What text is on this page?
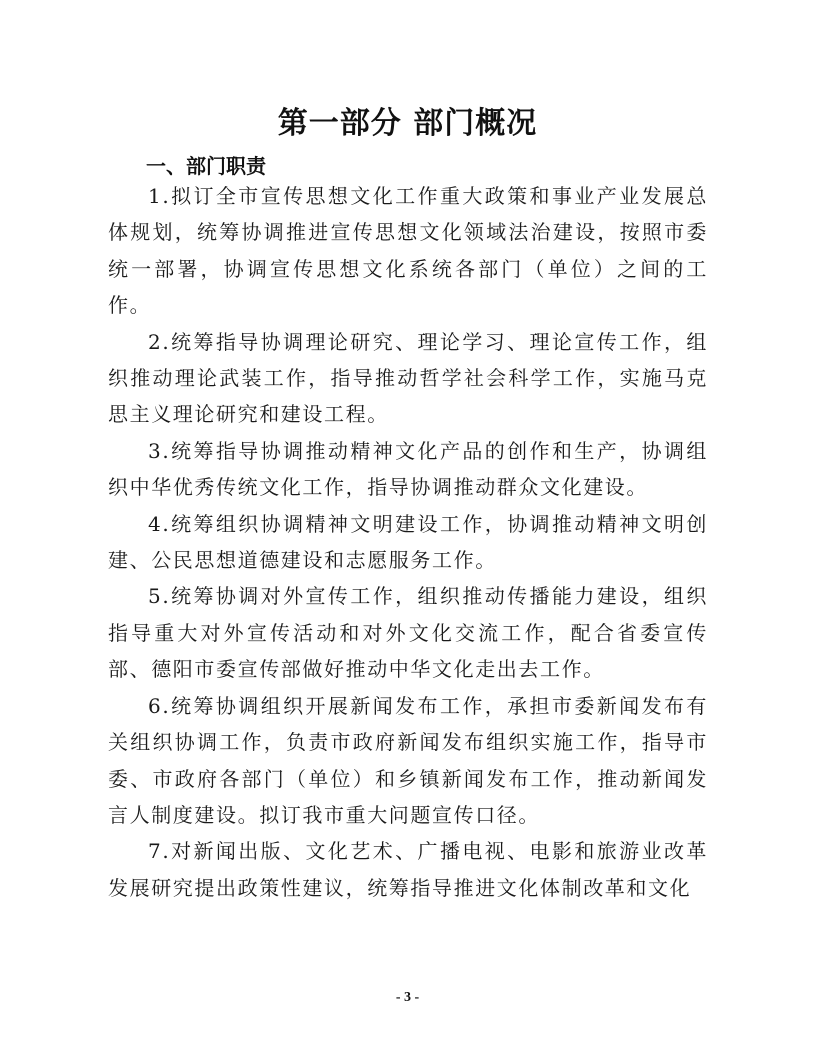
第一部分 部门概况
一、部门职责

1.拟订全市宣传思想文化工作重大政策和事业产业发展总体规划，统筹协调推进宣传思想文化领域法治建设，按照市委统一部署，协调宣传思想文化系统各部门（单位）之间的工作。

2.统筹指导协调理论研究、理论学习、理论宣传工作，组织推动理论武装工作，指导推动哲学社会科学工作，实施马克思主义理论研究和建设工程。

3.统筹指导协调推动精神文化产品的创作和生产，协调组织中华优秀传统文化工作，指导协调推动群众文化建设。

4.统筹组织协调精神文明建设工作，协调推动精神文明创建、公民思想道德建设和志愿服务工作。

5.统筹协调对外宣传工作，组织推动传播能力建设，组织指导重大对外宣传活动和对外文化交流工作，配合省委宣传部、德阳市委宣传部做好推动中华文化走出去工作。

6.统筹协调组织开展新闻发布工作，承担市委新闻发布有关组织协调工作，负责市政府新闻发布组织实施工作，指导市委、市政府各部门（单位）和乡镇新闻发布工作，推动新闻发言人制度建设。拟订我市重大问题宣传口径。

7.对新闻出版、文化艺术、广播电视、电影和旅游业改革发展研究提出政策性建议，统筹指导推进文化体制改革和文化

- 3 -
